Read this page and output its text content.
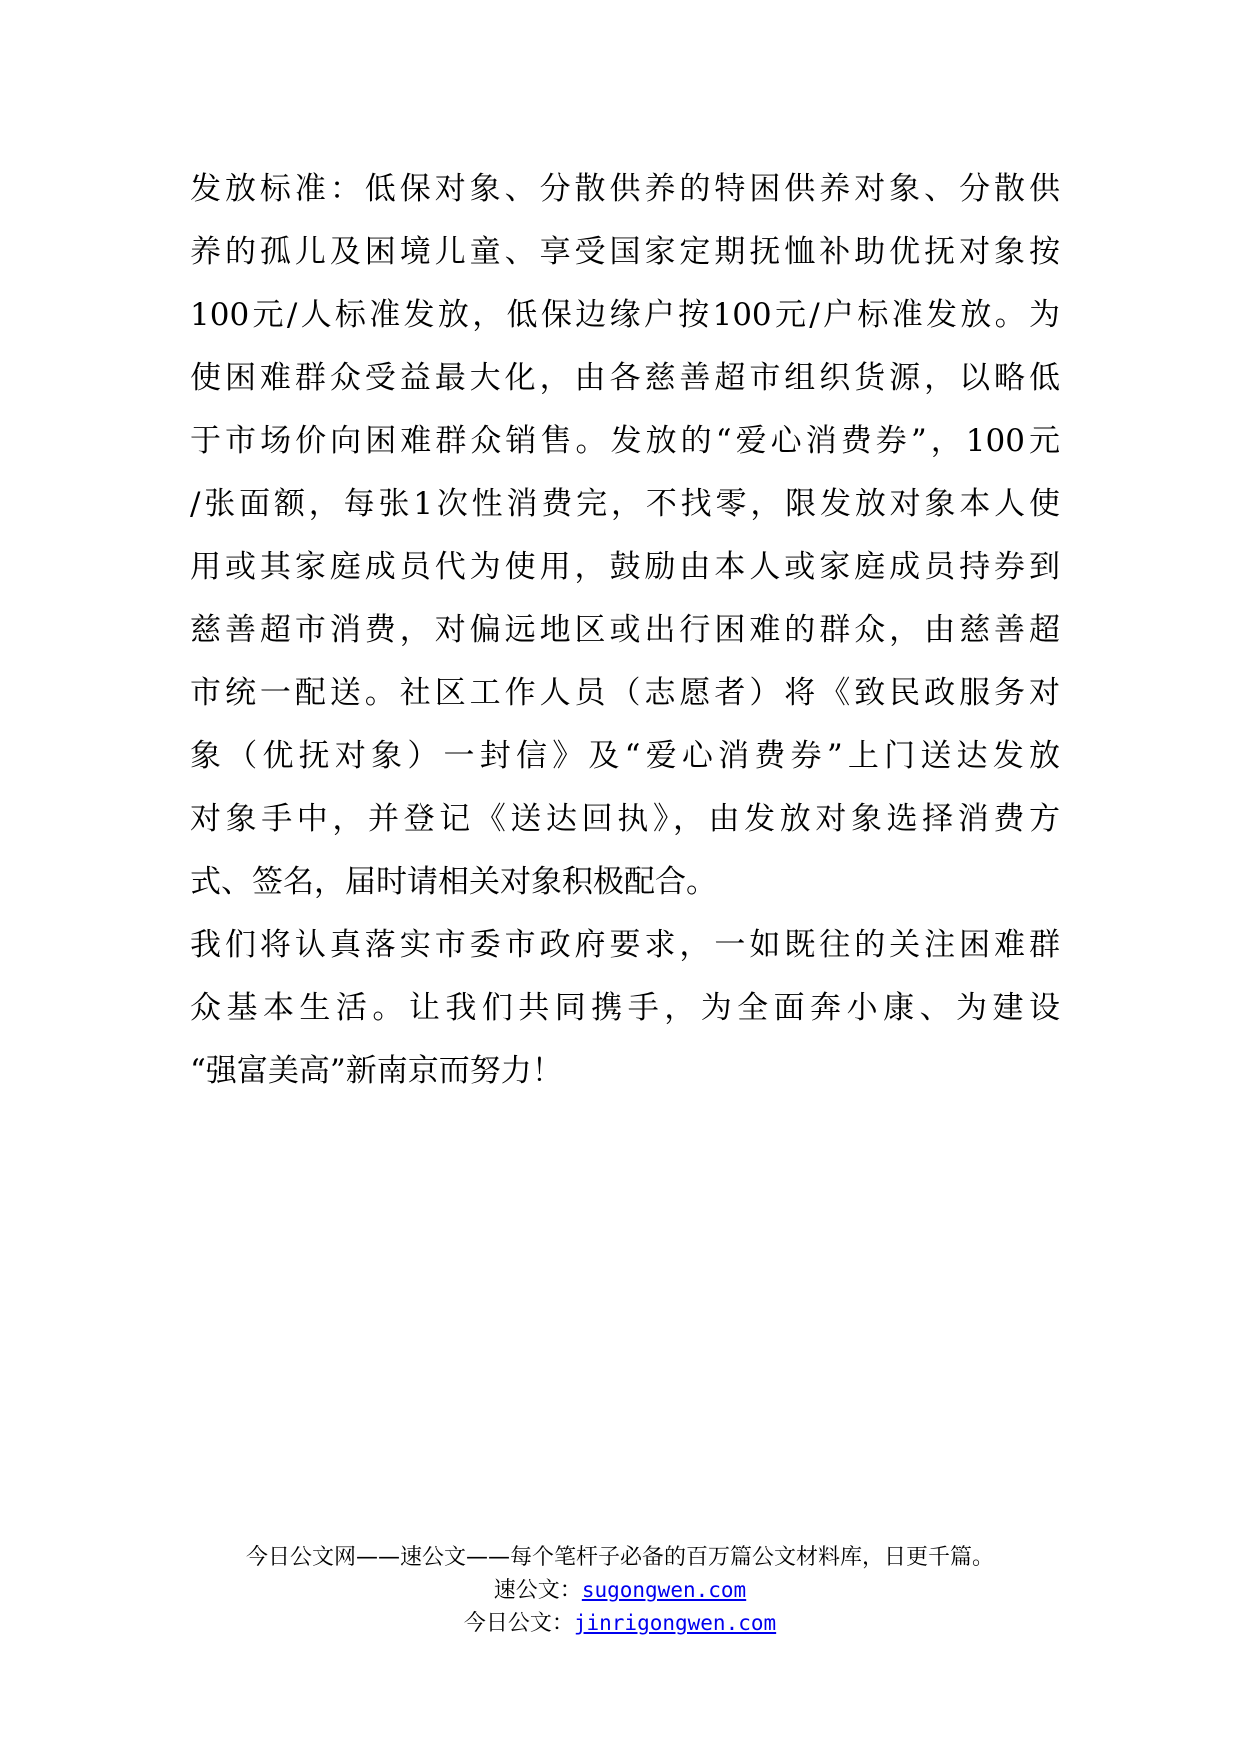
发放标准：低保对象、分散供养的特困供养对象、分散供
养的孤儿及困境儿童、享受国家定期抚恤补助优抚对象按
100元/人标准发放，低保边缘户按100元/户标准发放。为
使困难群众受益最大化，由各慈善超市组织货源，以略低
于市场价向困难群众销售。发放的“爱心消费券”，100元
/张面额，每张1次性消费完，不找零，限发放对象本人使
用或其家庭成员代为使用，鼓励由本人或家庭成员持券到
慈善超市消费，对偏远地区或出行困难的群众，由慈善超
市统一配送。社区工作人员（志愿者）将《致民政服务对
象（优抚对象）一封信》及“爱心消费券”上门送达发放
对象手中，并登记《送达回执》，由发放对象选择消费方
式、签名，届时请相关对象积极配合。
我们将认真落实市委市政府要求，一如既往的关注困难群
众基本生活。让我们共同携手，为全面奔小康、为建设
“强富美高”新南京而努力！
今日公文网——速公文——每个笔杆子必备的百万篇公文材料库，日更千篇。
速公文：sugongwen.com
今日公文：jinrigongwen.com
